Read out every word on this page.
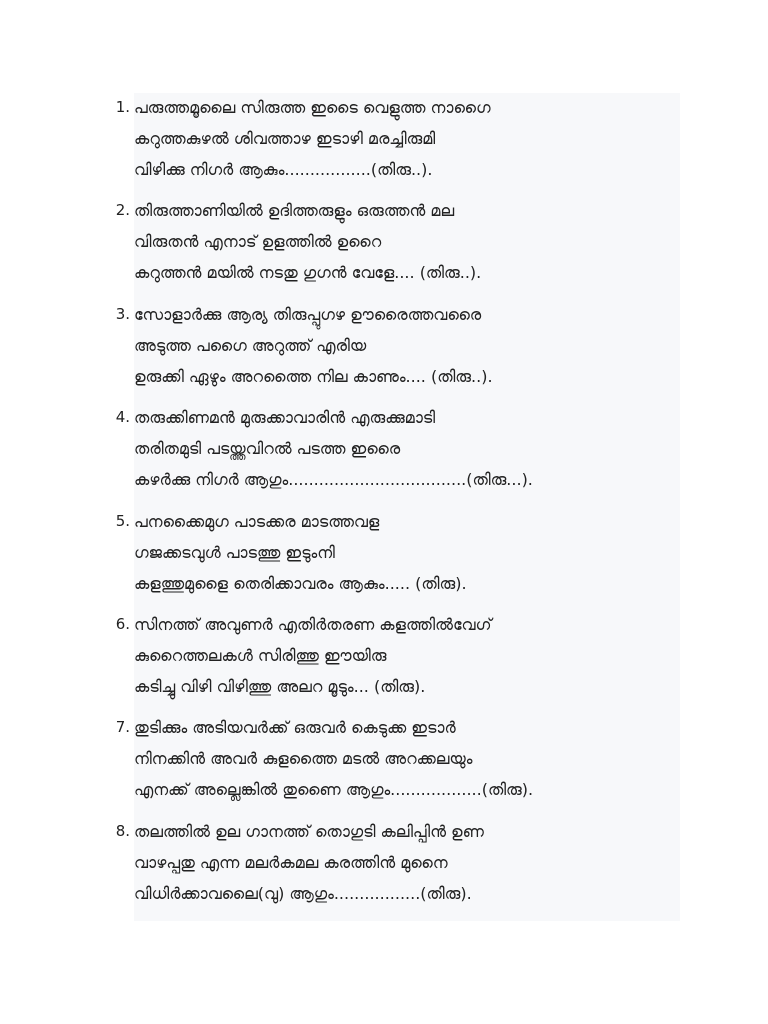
1. പരുത്തമൂലൈ സിരുത്ത ഇടൈ വെളുത്ത നാഗൈ
കറുത്തകുഴൽ ശിവത്താഴ ഇടാഴി മരച്ചിരുമി
വിഴിക്കു നിഗർ ആകും.................(തിരു..).
2. തിരുത്താണിയിൽ ഉദിത്തരുളും ഒരുത്തൻ മല
വിരുതൻ എനാട് ഉളത്തിൽ ഉറൈ
കറുത്തൻ മയിൽ നടതു ഗുഗൻ വേളേ.... (തിരു..).
3. സോളാർക്കു ആര്യ തിരുപ്പുഗഴ ഊരൈത്തവരൈ
അടുത്ത പഗൈ അറുത്ത് എരിയ
ഉരുക്കി ഏഴും അറത്തൈ നില കാണും.... (തിരു..).
4. തരുക്കിണമൻ മുരുക്കാവാരിൻ എരുക്കുമാടി
തരിതമുടി പടയ്ത്തവിറൽ പടത്ത ഇരൈ
കഴർക്കു നിഗർ ആഗും...................................(തിരു...).
5. പനക്കൈമുഗ പാടക്കര മാടത്തവള
ഗജക്കടവുൾ പാടത്തു ഇടുംനി
കളത്തുമുളൈ തെരിക്കാവരം ആകും..... (തിരു).
6. സിനത്ത് അവുണർ എതിർതരണ കളത്തിൽവേഗ്
കുറൈത്തലകൾ സിരിത്തു ഈയിരു
കടിച്ചു വിഴി വിഴിത്തു അലറ മൂടും... (തിരു).
7. തുടിക്കും അടിയവർക്ക് ഒരുവർ കെടുക്ക ഇടാർ
നിനക്കിൻ അവർ കുളത്തൈ മടൽ അറക്കലയും
എനക്ക് അല്ലെങ്കിൽ തുണൈ ആഗും..................(തിരു).
8. തലത്തിൽ ഉല ഗാനത്ത് തൊഗുടി കലിപ്പിൻ ഉണ
വാഴപ്പതു എന്ന മലർകമല കരത്തിൻ മുനൈ
വിധിർക്കാവലൈ(വു) ആഗും.................(തിരു).
